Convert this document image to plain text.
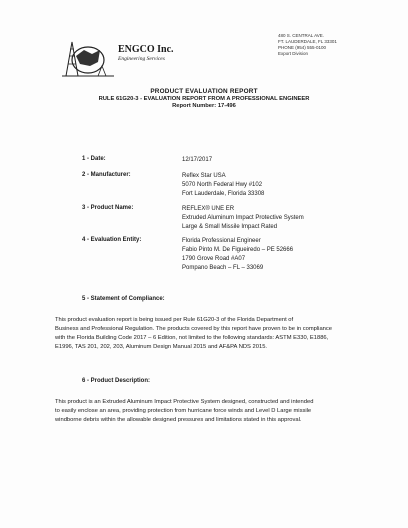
ENGCO Inc.
Engineering Services
480 S. CENTRAL AVE.
FT. LAUDERDALE, FL 33301
PHONE (954) 555-0100
Export Division
PRODUCT EVALUATION REPORT
RULE 61G20-3 - EVALUATION REPORT FROM A PROFESSIONAL ENGINEER
Report Number: 17-496
1 - Date:	12/17/2017
2 - Manufacturer:	Reflex Star USA
5070 North Federal Hwy #102
Fort Lauderdale, Florida 33308
3 - Product Name:	REFLEX® UNE ER
Extruded Aluminum Impact Protective System
Large & Small Missile Impact Rated
4 - Evaluation Entity:	Florida Professional Engineer
Fabio Pinto M. De Figueiredo – PE 52666
1790 Grove Road #A07
Pompano Beach – FL – 33069
5 - Statement of Compliance:
This product evaluation report is being issued per Rule 61G20-3 of the Florida Department of
Business and Professional Regulation. The products covered by this report have proven to be in compliance
with the Florida Building Code 2017 – 6 Edition, not limited to the following standards: ASTM E330, E1886,
E1996, TAS 201, 202, 203, Aluminum Design Manual 2015 and AF&PA NDS 2015.
6 - Product Description:
This product is an Extruded Aluminum Impact Protective System designed, constructed and intended
to easily enclose an area, providing protection from hurricane force winds and Level D Large missile
windborne debris within the allowable designed pressures and limitations stated in this approval.
